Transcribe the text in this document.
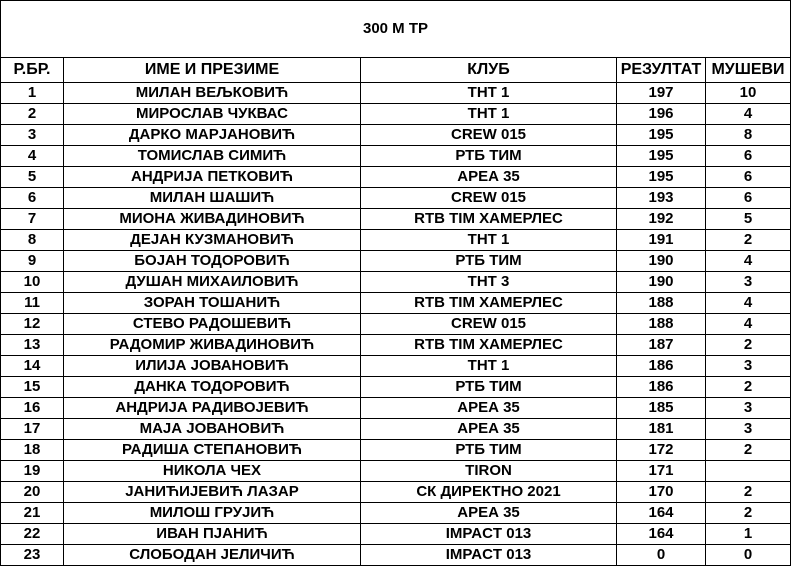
300 М ТР				
Р.БР.	ИМЕ И ПРЕЗИМЕ	КЛУБ	РЕЗУЛТАТ	МУШЕВИ
1	МИЛАН ВЕЉКОВИЋ	ТНТ 1	197	10
2	МИРОСЛАВ ЧУКВАС	ТНТ 1	196	4
3	ДАРКО МАРЈАНОВИЋ	CREW 015	195	8
4	ТОМИСЛАВ СИМИЋ	РТБ ТИМ	195	6
5	АНДРИЈА ПЕТКОВИЋ	АРЕА 35	195	6
6	МИЛАН ШАШИЋ	CREW 015	193	6
7	МИОНА ЖИВАДИНОВИЋ	RTB TIM ХАМЕРЛЕС	192	5
8	ДЕЈАН КУЗМАНОВИЋ	ТНТ 1	191	2
9	БОЈАН ТОДОРОВИЋ	РТБ ТИМ	190	4
10	ДУШАН МИХАИЛОВИЋ	ТНТ 3	190	3
11	ЗОРАН ТОШАНИЋ	RTB TIM ХАМЕРЛЕС	188	4
12	СТЕВО РАДОШЕВИЋ	CREW 015	188	4
13	РАДОМИР ЖИВАДИНОВИЋ	RTB TIM ХАМЕРЛЕС	187	2
14	ИЛИЈА ЈОВАНОВИЋ	ТНТ 1	186	3
15	ДАНКА ТОДОРОВИЋ	РТБ ТИМ	186	2
16	АНДРИЈА РАДИВОЈЕВИЋ	АРЕА 35	185	3
17	МАЈА ЈОВАНОВИЋ	АРЕА 35	181	3
18	РАДИША СТЕПАНОВИЋ	РТБ ТИМ	172	2
19	НИКОЛА ЧЕХ	TIRON	171	
20	ЈАНИЋИЈЕВИЋ ЛАЗАР	СК ДИРЕКТНО 2021	170	2
21	МИЛОШ ГРУЈИЋ	АРЕА 35	164	2
22	ИВАН ПЈАНИЋ	IMPACT 013	164	1
23	СЛОБОДАН ЈЕЛИЧИЋ	IMPACT 013	0	0
